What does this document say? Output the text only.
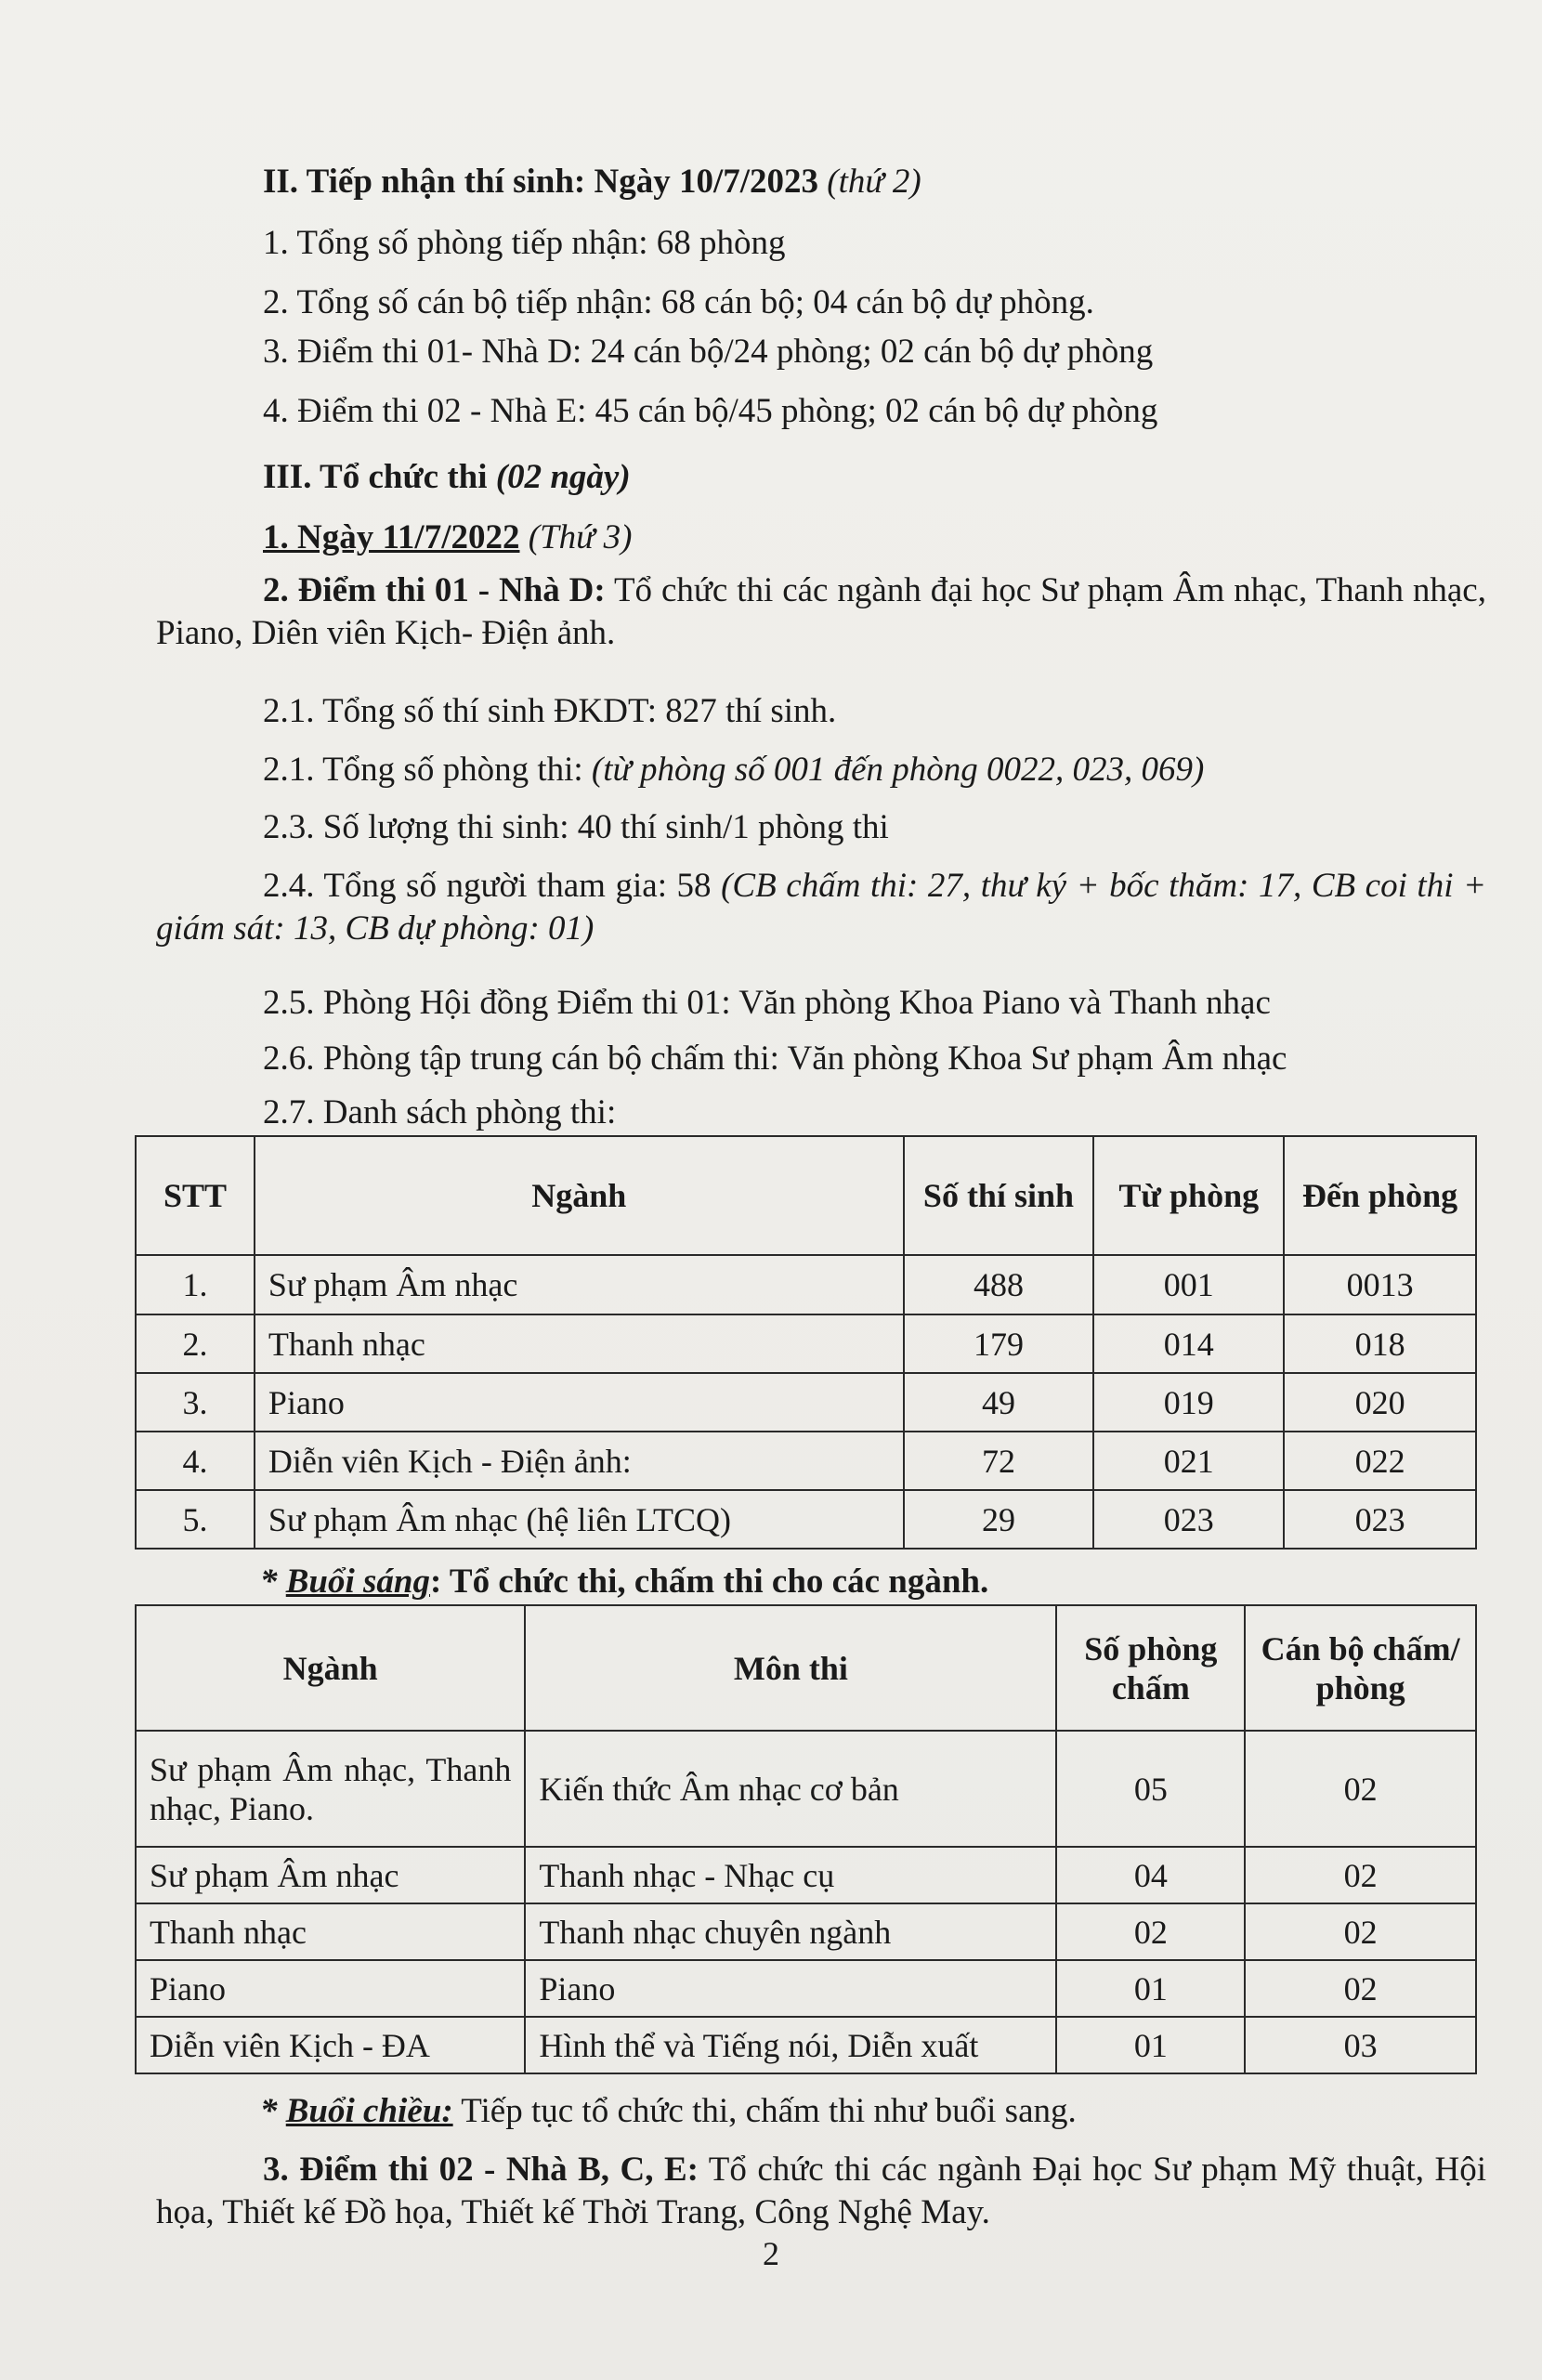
II. Tiếp nhận thí sinh: Ngày 10/7/2023 (thứ 2)
1. Tổng số phòng tiếp nhận: 68 phòng
2. Tổng số cán bộ tiếp nhận: 68 cán bộ; 04 cán bộ dự phòng.
3. Điểm thi 01- Nhà D: 24 cán bộ/24 phòng; 02 cán bộ dự phòng
4. Điểm thi 02 - Nhà E: 45 cán bộ/45 phòng; 02 cán bộ dự phòng
III. Tổ chức thi (02 ngày)
1. Ngày 11/7/2022 (Thứ 3)
2. Điểm thi 01 - Nhà D: Tổ chức thi các ngành đại học Sư phạm Âm nhạc, Thanh nhạc, Piano, Diên viên Kịch- Điện ảnh.
2.1. Tổng số thí sinh ĐKDT: 827 thí sinh.
2.1. Tổng số phòng thi: (từ phòng số 001 đến phòng 0022, 023, 069)
2.3. Số lượng thi sinh: 40 thí sinh/1 phòng thi
2.4. Tổng số người tham gia: 58 (CB chấm thi: 27, thư ký + bốc thăm: 17, CB coi thi + giám sát: 13, CB dự phòng: 01)
2.5. Phòng Hội đồng Điểm thi 01: Văn phòng Khoa Piano và Thanh nhạc
2.6. Phòng tập trung cán bộ chấm thi: Văn phòng Khoa Sư phạm Âm nhạc
2.7. Danh sách phòng thi:
STT	Ngành	Số thí sinh	Từ phòng	Đến phòng
1.	Sư phạm Âm nhạc	488	001	0013
2.	Thanh nhạc	179	014	018
3.	Piano	49	019	020
4.	Diễn viên Kịch - Điện ảnh:	72	021	022
5.	Sư phạm Âm nhạc (hệ liên LTCQ)	29	023	023
* Buổi sáng: Tổ chức thi, chấm thi cho các ngành.
Ngành	Môn thi	Số phòng chấm	Cán bộ chấm/ phòng
Sư phạm Âm nhạc, Thanh nhạc, Piano.	Kiến thức Âm nhạc cơ bản	05	02
Sư phạm Âm nhạc	Thanh nhạc - Nhạc cụ	04	02
Thanh nhạc	Thanh nhạc chuyên ngành	02	02
Piano	Piano	01	02
Diễn viên Kịch - ĐA	Hình thể và Tiếng nói, Diễn xuất	01	03
* Buổi chiều: Tiếp tục tổ chức thi, chấm thi như buổi sang.
3. Điểm thi 02 - Nhà B, C, E: Tổ chức thi các ngành Đại học Sư phạm Mỹ thuật, Hội họa, Thiết kế Đồ họa, Thiết kế Thời Trang, Công Nghệ May.
2
